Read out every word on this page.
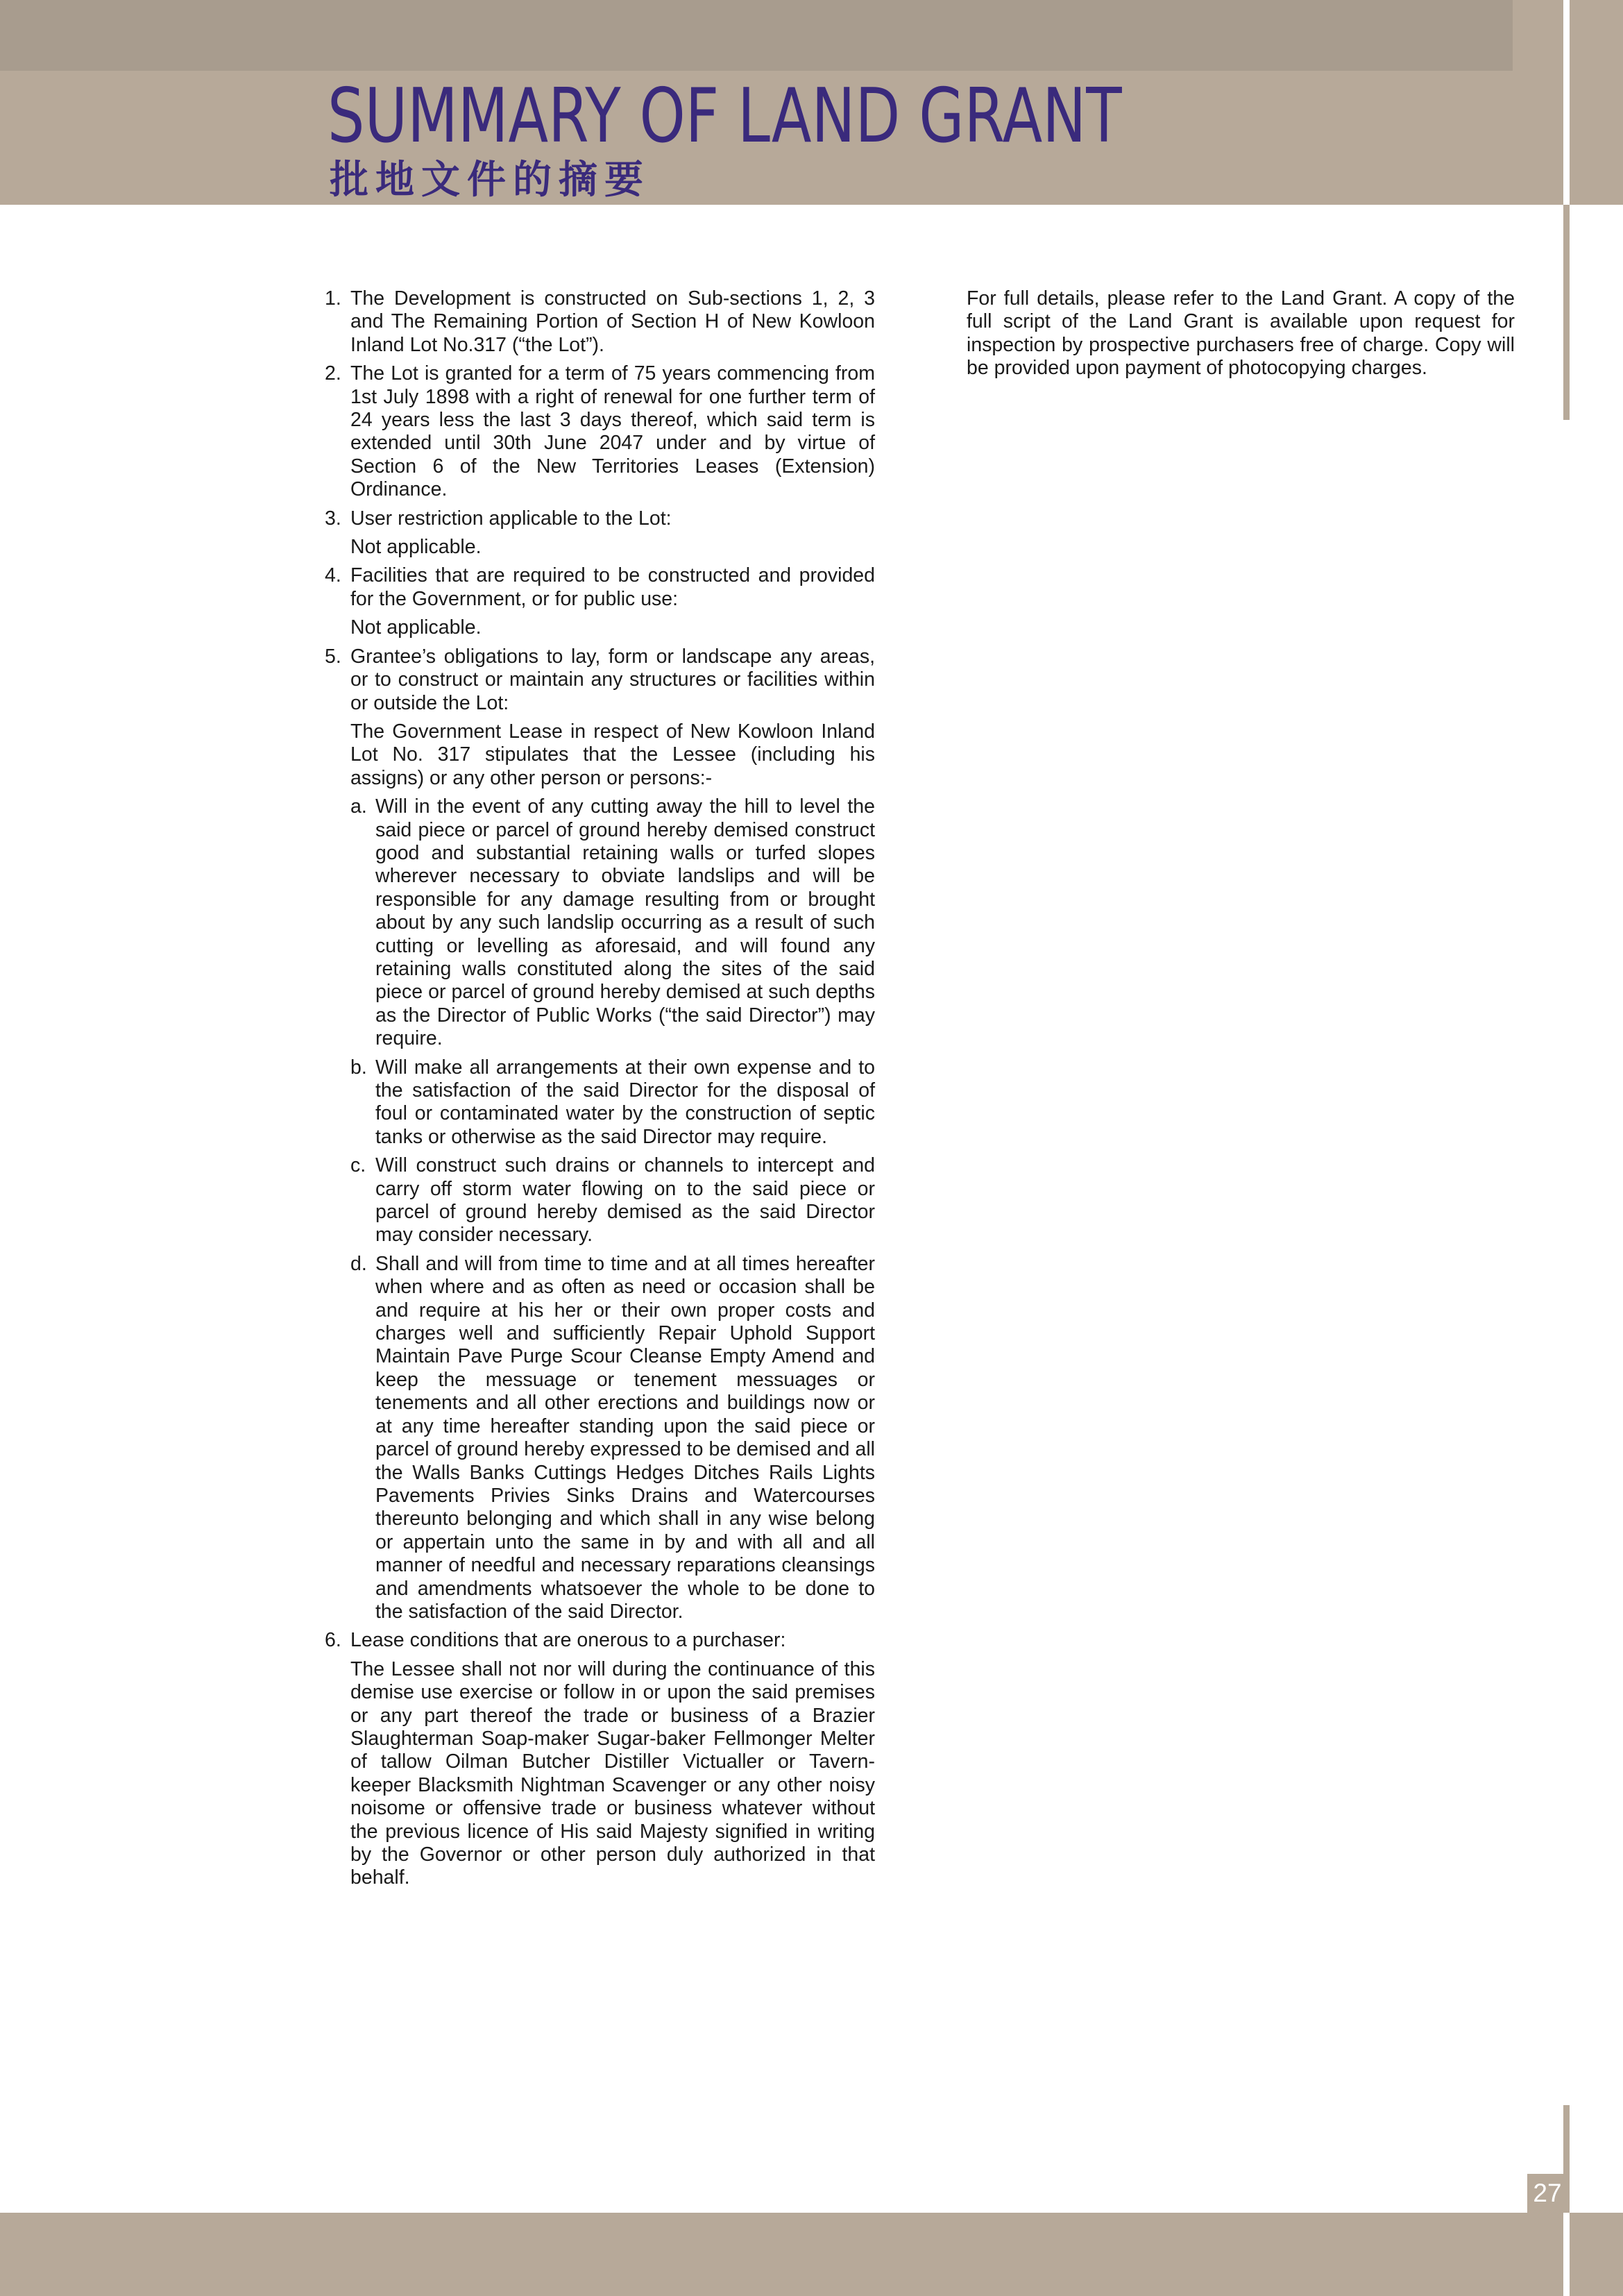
SUMMARY OF LAND GRANT
批地文件的摘要
1. The Development is constructed on Sub-sections 1, 2, 3 and The Remaining Portion of Section H of New Kowloon Inland Lot No.317 (“the Lot”).

2. The Lot is granted for a term of 75 years commencing from 1st July 1898 with a right of renewal for one further term of 24 years less the last 3 days thereof, which said term is extended until 30th June 2047 under and by virtue of Section 6 of the New Territories Leases (Extension) Ordinance.

3. User restriction applicable to the Lot:

Not applicable.

4. Facilities that are required to be constructed and provided for the Government, or for public use:

Not applicable.

5. Grantee’s obligations to lay, form or landscape any areas, or to construct or maintain any structures or facilities within or outside the Lot:

The Government Lease in respect of New Kowloon Inland Lot No. 317 stipulates that the Lessee (including his assigns) or any other person or persons:-

a. Will in the event of any cutting away the hill to level the said piece or parcel of ground hereby demised construct good and substantial retaining walls or turfed slopes wherever necessary to obviate landslips and will be responsible for any damage resulting from or brought about by any such landslip occurring as a result of such cutting or levelling as aforesaid, and will found any retaining walls constituted along the sites of the said piece or parcel of ground hereby demised at such depths as the Director of Public Works (“the said Director”) may require.

b. Will make all arrangements at their own expense and to the satisfaction of the said Director for the disposal of foul or contaminated water by the construction of septic tanks or otherwise as the said Director may require.

c. Will construct such drains or channels to intercept and carry off storm water flowing on to the said piece or parcel of ground hereby demised as the said Director may consider necessary.

d. Shall and will from time to time and at all times hereafter when where and as often as need or occasion shall be and require at his her or their own proper costs and charges well and sufficiently Repair Uphold Support Maintain Pave Purge Scour Cleanse Empty Amend and keep the messuage or tenement messuages or tenements and all other erections and buildings now or at any time hereafter standing upon the said piece or parcel of ground hereby expressed to be demised and all the Walls Banks Cuttings Hedges Ditches Rails Lights Pavements Privies Sinks Drains and Watercourses thereunto belonging and which shall in any wise belong or appertain unto the same in by and with all and all manner of needful and necessary reparations cleansings and amendments whatsoever the whole to be done to the satisfaction of the said Director.

6. Lease conditions that are onerous to a purchaser:

The Lessee shall not nor will during the continuance of this demise use exercise or follow in or upon the said premises or any part thereof the trade or business of a Brazier Slaughterman Soap-maker Sugar-baker Fellmonger Melter of tallow Oilman Butcher Distiller Victualler or Tavern-keeper Blacksmith Nightman Scavenger or any other noisy noisome or offensive trade or business whatever without the previous licence of His said Majesty signified in writing by the Governor or other person duly authorized in that behalf.

For full details, please refer to the Land Grant. A copy of the full script of the Land Grant is available upon request for inspection by prospective purchasers free of charge. Copy will be provided upon payment of photocopying charges.

27
